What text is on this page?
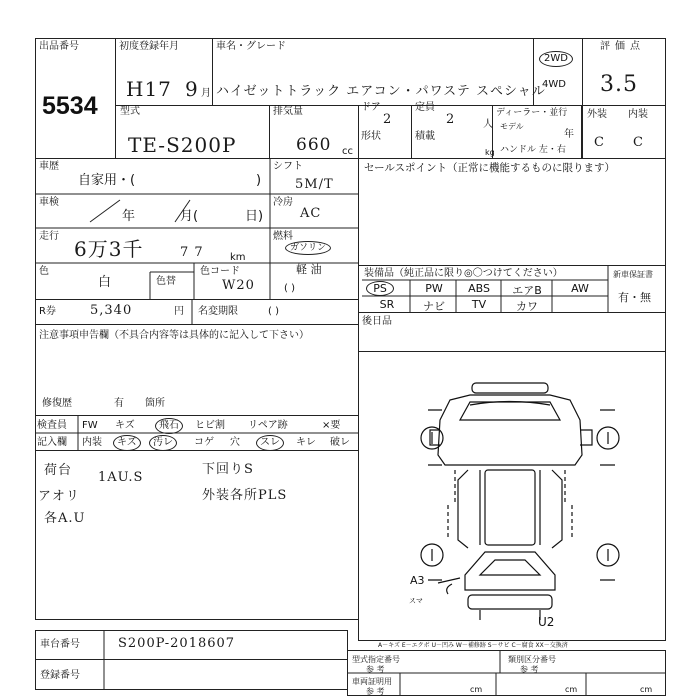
出品番号
5534
初度登録年月
H17 9 月
車名・グレード
ハイゼットトラック エアコン・パワステ スペシャル
2WD
4WD
評価点
3.5
型式
TE-S200P
排気量
660 cc
ドア
2
形状
定員
2	人
積載
kg
ディーラー・並行
モデル
年
ハンドル 左・右
外装 内装
C C
車歴
自家用・(	)
車検
年	月(	日)
走行
6万3千	7 7	km
色
白	色替
色コード
W20
シフト
5M/T
冷房
AC
燃料
ガソリン
軽 油
( )
R券	5,340	円 名変期限	( )
セールスポイント（正常に機能するものに限ります）
装備品（純正品に限り◎〇つけてください）	新車保証書
有・無
PS	PW	ABS	エアB	AW
SR	ナビ	TV	カワ
後日品
注意事項申告欄（不具合内容等は具体的に記入して下さい）
修復歴	有 箇所
検査員
記入欄
FW キズ	飛石	ヒビ割 リペア跡	×要
内装	キズ	汚レ	コゲ 穴	スレ	キレ 破レ
荷台 1AU.S
アオリ
各A.U
下回りS
外装各所PLS
A3
スマ
U2
A－キズ E－エクボ U－凹み W－補修跡 S－サビ C－腐食 XX－交換済
車台番号	S200P-2018607
登録番号
型式指定番号
参 考
類別区分番号
参 考
車両証明用
参 考	cm	cm	cm
